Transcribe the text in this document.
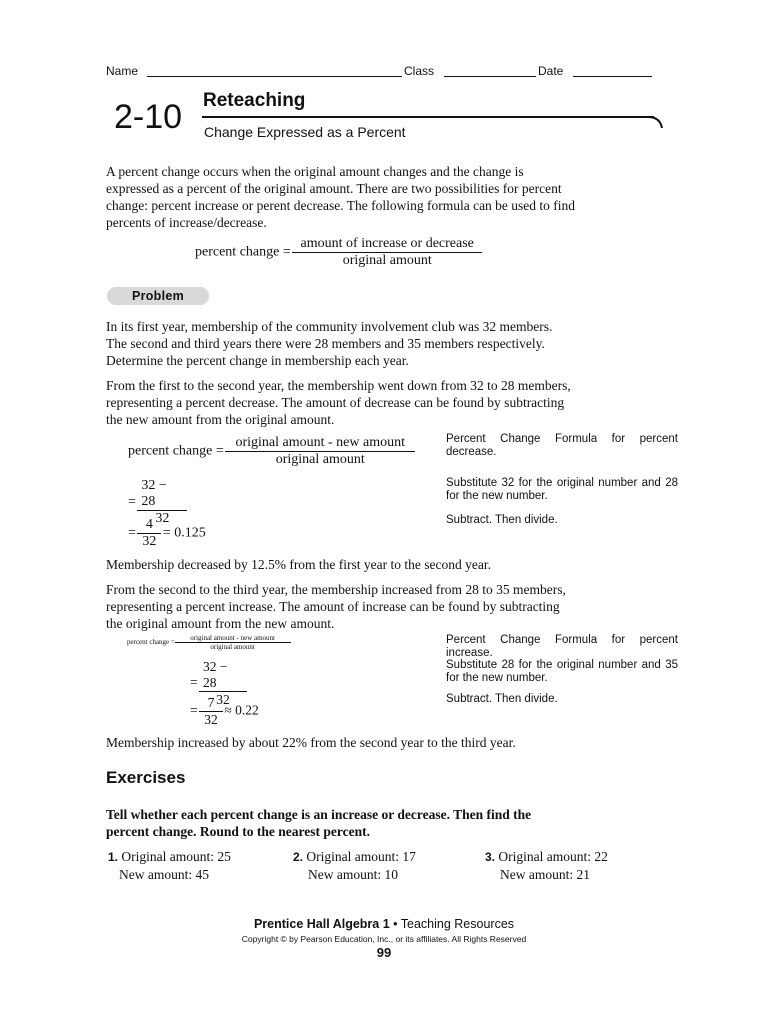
Name	Class	Date
2-10 Reteaching
Change Expressed as a Percent
A percent change occurs when the original amount changes and the change is
expressed as a percent of the original amount. There are two possibilities for percent
change: percent increase or perent decrease. The following formula can be used to find
percents of increase/decrease.
percent change = $\frac{\text{amount of increase or decrease}}{\text{original amount}}$
Problem
In its first year, membership of the community involvement club was 32 members.
The second and third years there were 28 members and 35 members respectively.
Determine the percent change in membership each year.
From the first to the second year, the membership went down from 32 to 28 members,
representing a percent decrease. The amount of decrease can be found by subtracting
the new amount from the original amount.
percent change = $\frac{\text{original amount - new amount}}{\text{original amount}}$
= $\frac{32 - 28}{32}$
= $\frac{4}{32} = 0.125$
Percent Change Formula for percent decrease.
Substitute 32 for the original number and 28 for the new number.
Subtract. Then divide.
Membership decreased by 12.5% from the first year to the second year.
From the second to the third year, the membership increased from 28 to 35 members,
representing a percent increase. The amount of increase can be found by subtracting
the original amount from the new amount.
percent change = $\frac{\text{original amount - new amount}}{\text{original amount}}$
= $\frac{32 - 28}{32}$
= $\frac{7}{32} \approx 0.22$
Percent Change Formula for percent increase.
Substitute 28 for the original number and 35 for the new number.
Subtract. Then divide.
Membership increased by about 22% from the second year to the third year.
Exercises
Tell whether each percent change is an increase or decrease. Then find the
percent change. Round to the nearest percent.
1. Original amount: 25
New amount: 45
2. Original amount: 17
New amount: 10
3. Original amount: 22
New amount: 21
Prentice Hall Algebra 1 • Teaching Resources
Copyright © by Pearson Education, Inc., or its affiliates. All Rights Reserved
99
